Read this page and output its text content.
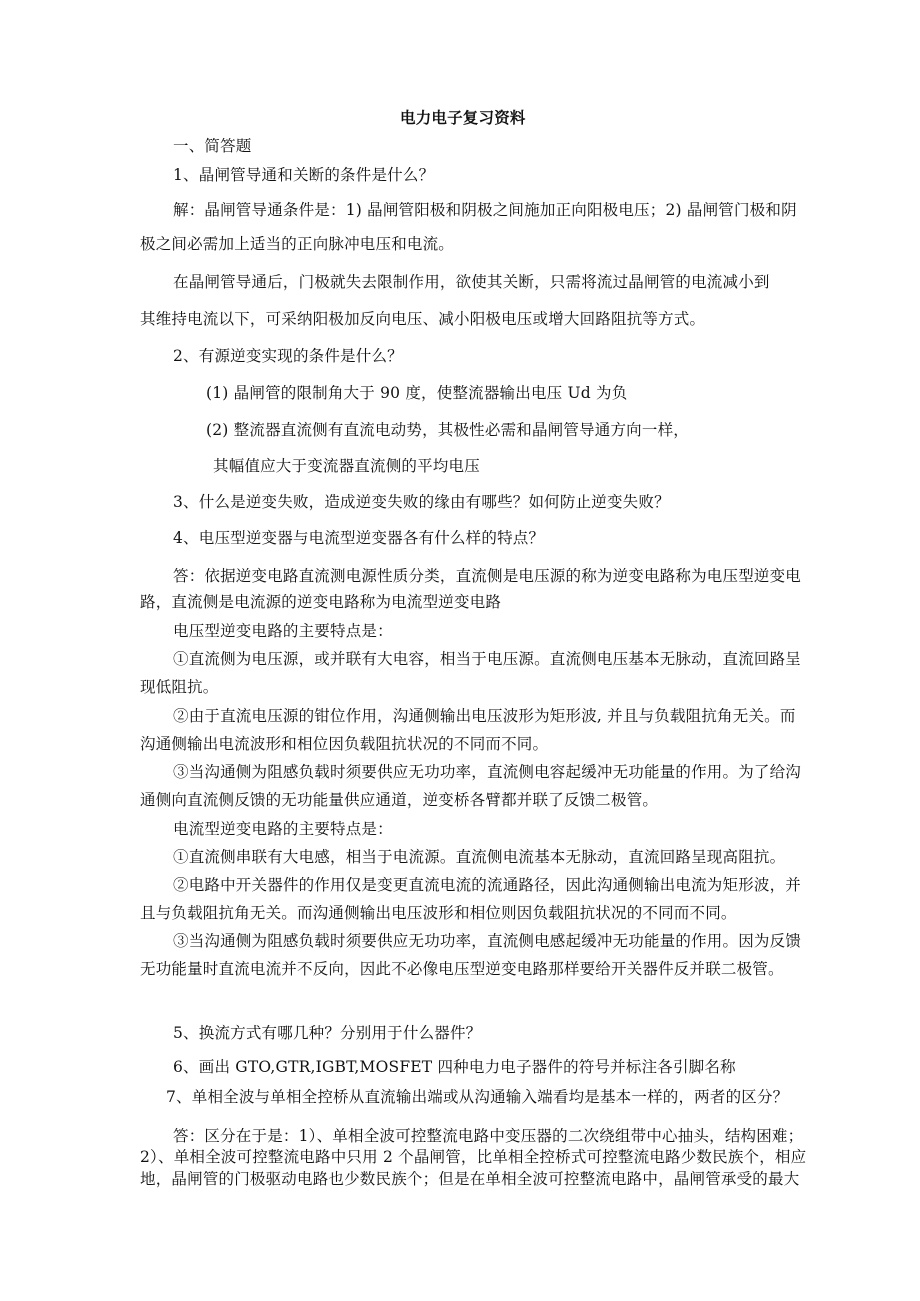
电力电子复习资料
一、简答题
1、晶闸管导通和关断的条件是什么？
解：晶闸管导通条件是：1) 晶闸管阳极和阴极之间施加正向阳极电压；2) 晶闸管门极和阴
极之间必需加上适当的正向脉冲电压和电流。
在晶闸管导通后，门极就失去限制作用，欲使其关断，只需将流过晶闸管的电流减小到
其维持电流以下，可采纳阳极加反向电压、减小阳极电压或增大回路阻抗等方式。
2、有源逆变实现的条件是什么？
(1) 晶闸管的限制角大于 90 度，使整流器输出电压 Ud 为负
(2) 整流器直流侧有直流电动势，其极性必需和晶闸管导通方向一样，
其幅值应大于变流器直流侧的平均电压
3、什么是逆变失败，造成逆变失败的缘由有哪些？如何防止逆变失败？
4、电压型逆变器与电流型逆变器各有什么样的特点？
答：依据逆变电路直流测电源性质分类，直流侧是电压源的称为逆变电路称为电压型逆变电
路，直流侧是电流源的逆变电路称为电流型逆变电路
电压型逆变电路的主要特点是：
①直流侧为电压源，或并联有大电容，相当于电压源。直流侧电压基本无脉动，直流回路呈
现低阻抗。
②由于直流电压源的钳位作用，沟通侧输出电压波形为矩形波, 并且与负载阻抗角无关。而
沟通侧输出电流波形和相位因负载阻抗状况的不同而不同。
③当沟通侧为阻感负载时须要供应无功功率，直流侧电容起缓冲无功能量的作用。为了给沟
通侧向直流侧反馈的无功能量供应通道，逆变桥各臂都并联了反馈二极管。
电流型逆变电路的主要特点是：
①直流侧串联有大电感，相当于电流源。直流侧电流基本无脉动，直流回路呈现高阻抗。
②电路中开关器件的作用仅是变更直流电流的流通路径，因此沟通侧输出电流为矩形波，并
且与负载阻抗角无关。而沟通侧输出电压波形和相位则因负载阻抗状况的不同而不同。
③当沟通侧为阻感负载时须要供应无功功率，直流侧电感起缓冲无功能量的作用。因为反馈
无功能量时直流电流并不反向，因此不必像电压型逆变电路那样要给开关器件反并联二极管。
5、换流方式有哪几种？分别用于什么器件？
6、画出 GTO,GTR,IGBT,MOSFET 四种电力电子器件的符号并标注各引脚名称
7、单相全波与单相全控桥从直流输出端或从沟通输入端看均是基本一样的，两者的区分？
答：区分在于是：1）、单相全波可控整流电路中变压器的二次绕组带中心抽头，结构困难；
2）、单相全波可控整流电路中只用 2 个晶闸管，比单相全控桥式可控整流电路少数民族个，相应
地，晶闸管的门极驱动电路也少数民族个；但是在单相全波可控整流电路中，晶闸管承受的最大
